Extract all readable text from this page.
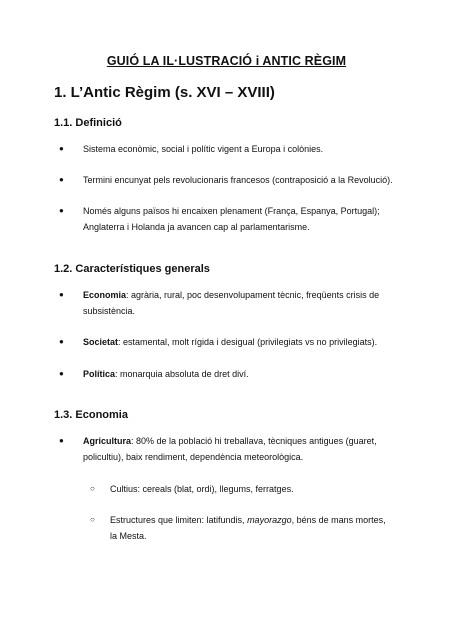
GUIÓ LA IL·LUSTRACIÓ i ANTIC RÈGIM
1. L’Antic Règim (s. XVI – XVIII)
1.1. Definició
● Sistema econòmic, social i polític vigent a Europa i colònies.
● Termini encunyat pels revolucionaris francesos (contraposició a la Revolució).
● Només alguns països hi encaixen plenament (França, Espanya, Portugal);
Anglaterra i Holanda ja avancen cap al parlamentarisme.
1.2. Característiques generals
● Economia: agrària, rural, poc desenvolupament tècnic, freqüents crisis de
subsistència.
● Societat: estamental, molt rígida i desigual (privilegiats vs no privilegiats).
● Política: monarquia absoluta de dret diví.
1.3. Economia
● Agricultura: 80% de la població hi treballava, tècniques antigues (guaret,
policultiu), baix rendiment, dependència meteorològica.
○ Cultius: cereals (blat, ordi), llegums, ferratges.
○ Estructures que limiten: latifundis, mayorazgo, béns de mans mortes,
la Mesta.
